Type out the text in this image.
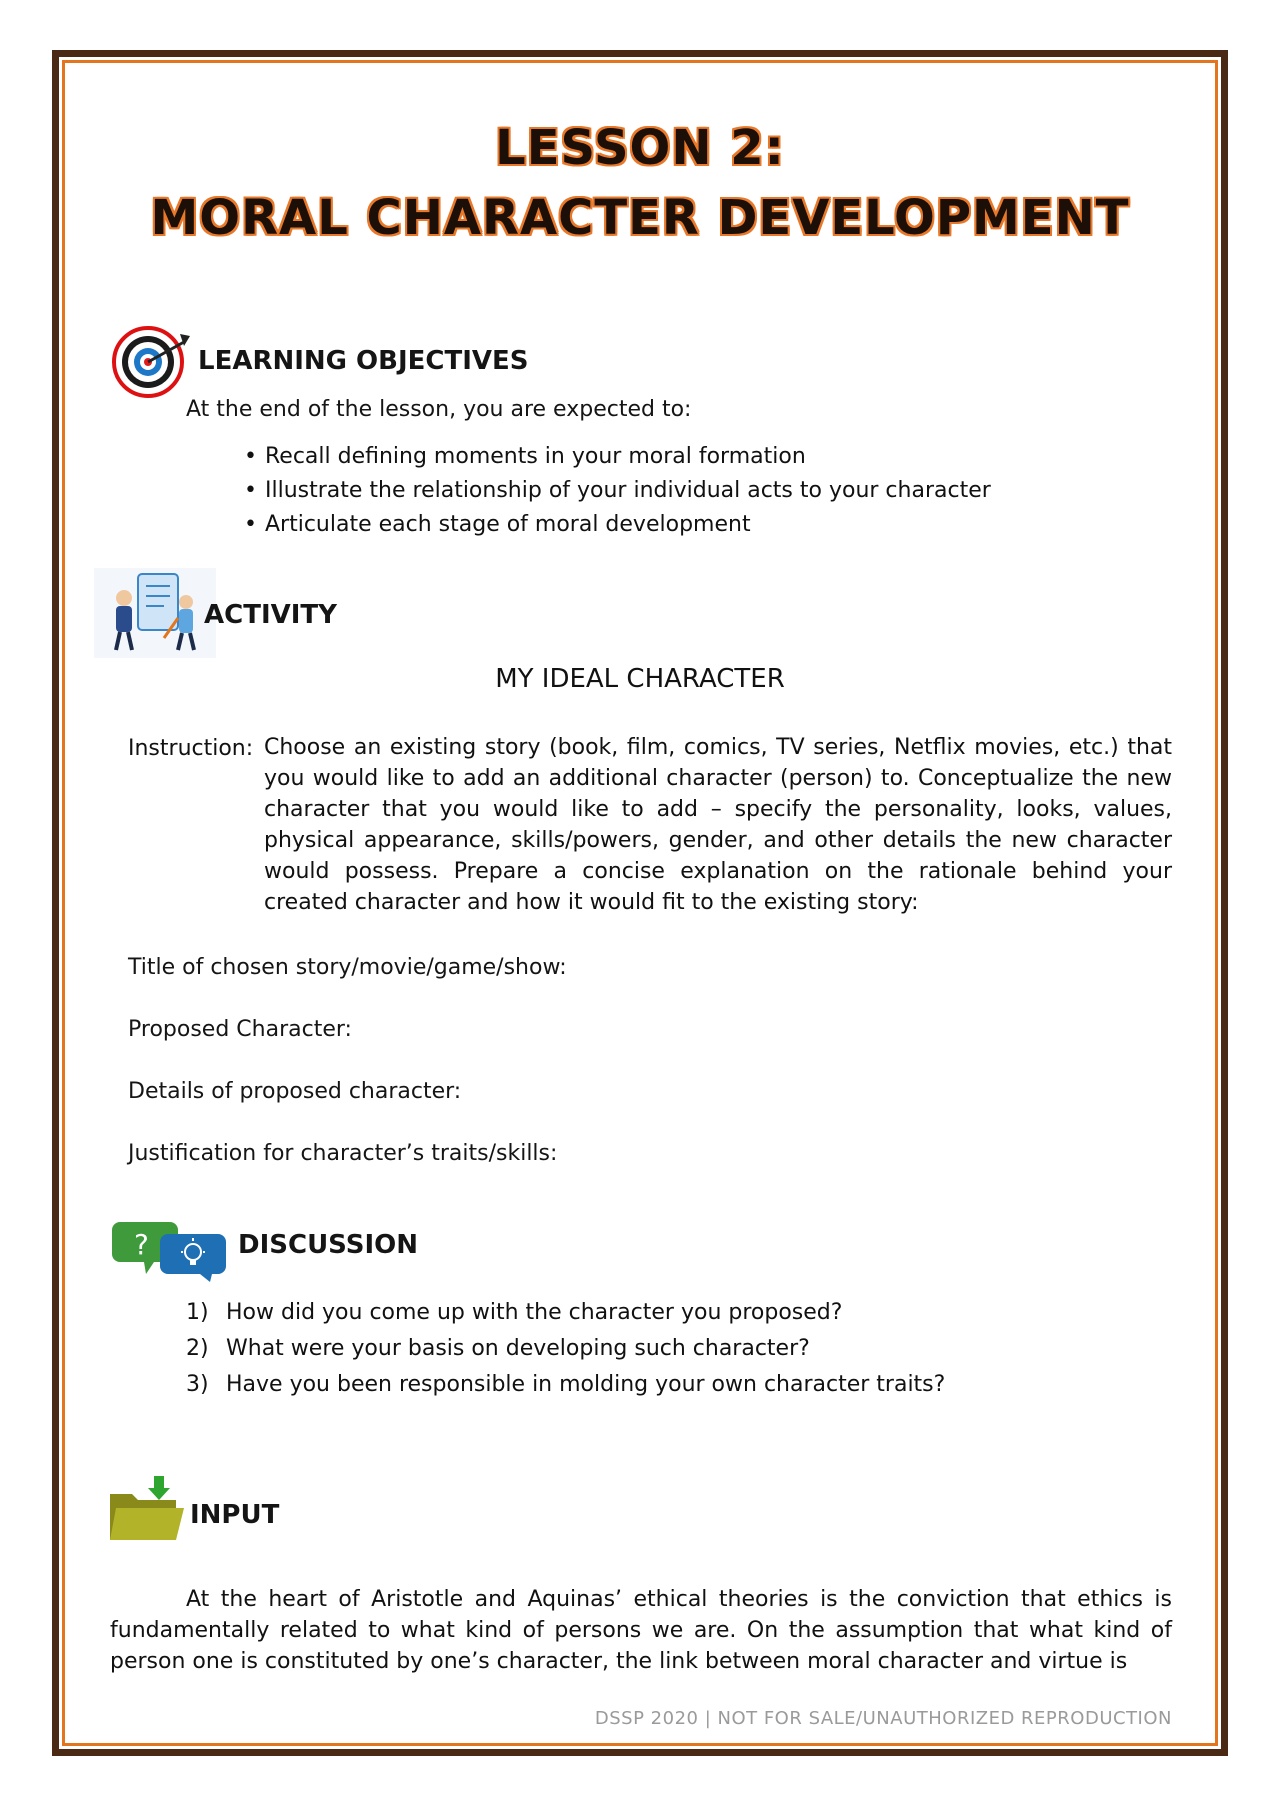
LESSON 2:
MORAL CHARACTER DEVELOPMENT
LEARNING OBJECTIVES
At the end of the lesson, you are expected to:
• Recall defining moments in your moral formation
• Illustrate the relationship of your individual acts to your character
• Articulate each stage of moral development
ACTIVITY
MY IDEAL CHARACTER
Instruction: Choose an existing story (book, film, comics, TV series, Netflix movies, etc.) that you would like to add an additional character (person) to. Conceptualize the new character that you would like to add – specify the personality, looks, values, physical appearance, skills/powers, gender, and other details the new character would possess. Prepare a concise explanation on the rationale behind your created character and how it would fit to the existing story:
Title of chosen story/movie/game/show:
Proposed Character:
Details of proposed character:
Justification for character’s traits/skills:
?	DISCUSSION
1) How did you come up with the character you proposed?
2) What were your basis on developing such character?
3) Have you been responsible in molding your own character traits?
INPUT
At the heart of Aristotle and Aquinas’ ethical theories is the conviction that ethics is fundamentally related to what kind of persons we are. On the assumption that what kind of person one is constituted by one’s character, the link between moral character and virtue is
DSSP 2020 | NOT FOR SALE/UNAUTHORIZED REPRODUCTION
